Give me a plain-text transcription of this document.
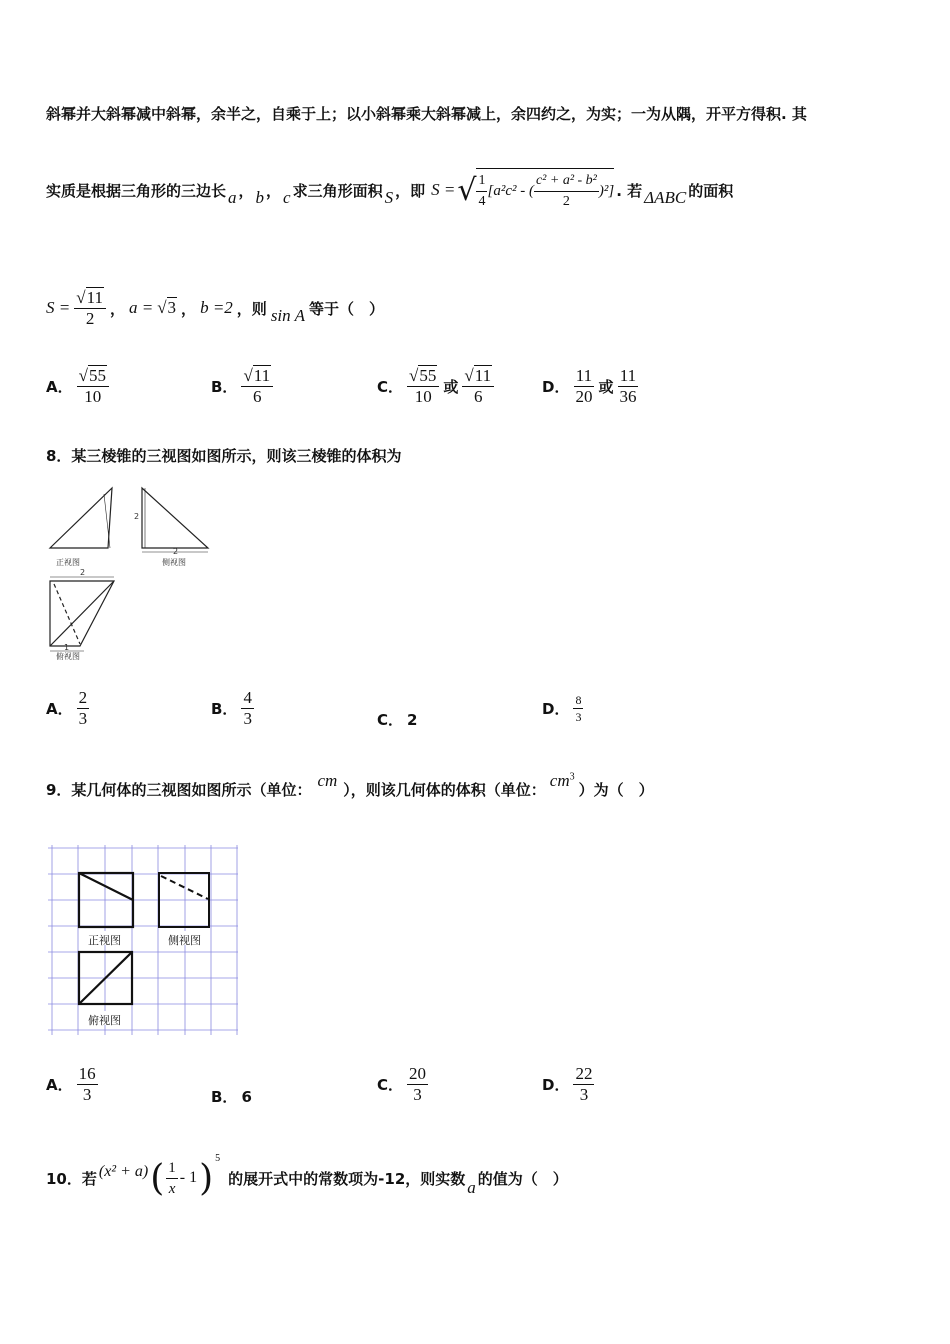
斜幂并大斜幂减中斜幂，余半之，自乘于上；以小斜幂乘大斜幂减上，余四约之，为实；一为从隅，开平方得积. 其
实质是根据三角形的三边长 a ， b ， c 求三角形面积 S ，即 S = √ $\frac{1}{4} [a^2c^2$ - ( $\frac{\text{c² + a² - b²}}{2} )^2$] . 若 ΔABC 的面积
$S = \frac{√11}{2}$ ， a = √3 ， b =2 ，则 sin A 等于（　）
A． $\frac{√55}{10}$	B． $\frac{√11}{6}$	C． $\frac{√55}{10}$ 或 $\frac{√11}{6}$	D． $\frac{11}{20}$ 或 $\frac{11}{36}$
8．某三棱锥的三视图如图所示，则该三棱锥的体积为
正视图	侧视图
俯视图
2
2
2
1
A． $\frac{2}{3}$	B． $\frac{4}{3}$	C． 2
D． $\frac{8}{3}$
9．某几何体的三视图如图所示（单位： cm ），则该几何体的体积（单位： $cm^3$
）为（　）
正视图	侧视图
俯视图
A． $\frac{16}{3}$	B． 6
C． $\frac{20}{3}$	D． $\frac{22}{3}$
10．若 (x² + a) ( $\frac{1}{x} - 1$ ) 5
的展开式中的常数项为-12，则实数 a 的值为（　）
